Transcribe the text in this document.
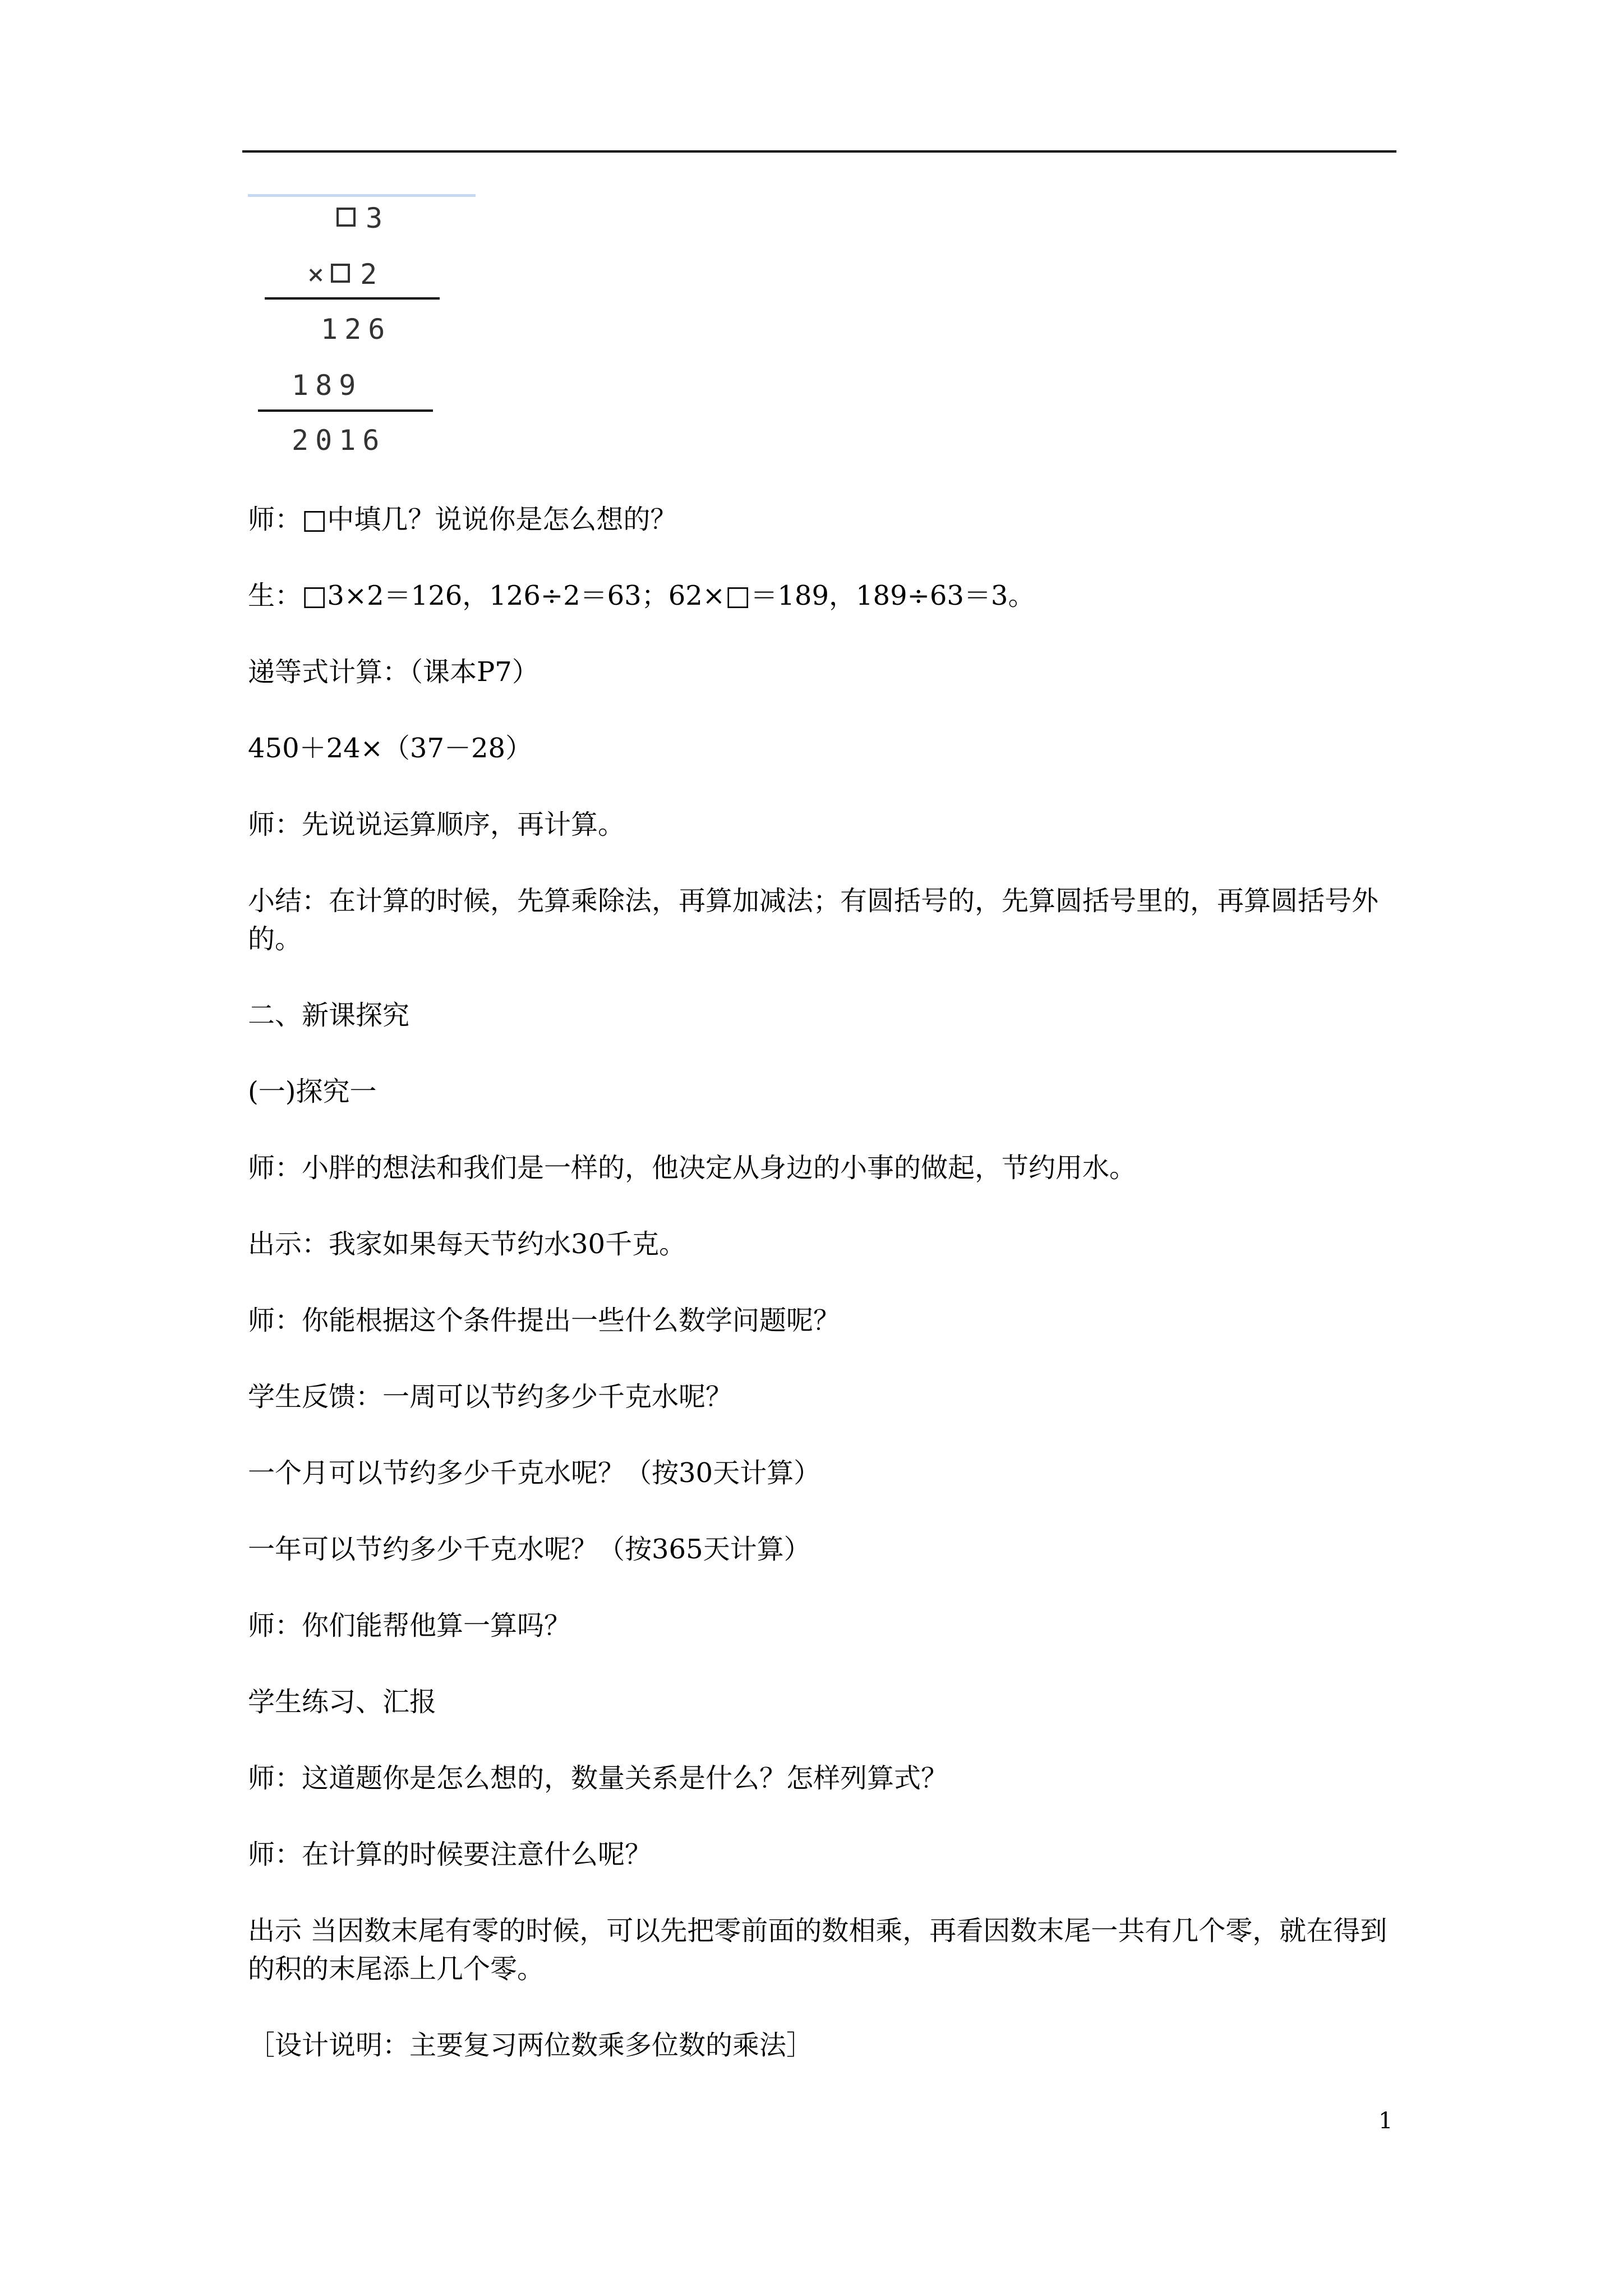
3
× 2
126
189
2016
师：□中填几？说说你是怎么想的？
生：□3×2＝126，126÷2＝63；62×□＝189，189÷63＝3。
递等式计算：（课本P7）
450＋24×（37－28）
师：先说说运算顺序，再计算。
小结：在计算的时候，先算乘除法，再算加减法；有圆括号的，先算圆括号里的，再算圆括号外的。
二、新课探究
(一)探究一
师：小胖的想法和我们是一样的，他决定从身边的小事的做起，节约用水。
出示：我家如果每天节约水30千克。
师：你能根据这个条件提出一些什么数学问题呢？
学生反馈：一周可以节约多少千克水呢？
一个月可以节约多少千克水呢？（按30天计算）
一年可以节约多少千克水呢？（按365天计算）
师：你们能帮他算一算吗？
学生练习、汇报
师：这道题你是怎么想的，数量关系是什么？怎样列算式？
师：在计算的时候要注意什么呢？
出示 当因数末尾有零的时候，可以先把零前面的数相乘，再看因数末尾一共有几个零，就在得到的积的末尾添上几个零。
［设计说明：主要复习两位数乘多位数的乘法］
1
